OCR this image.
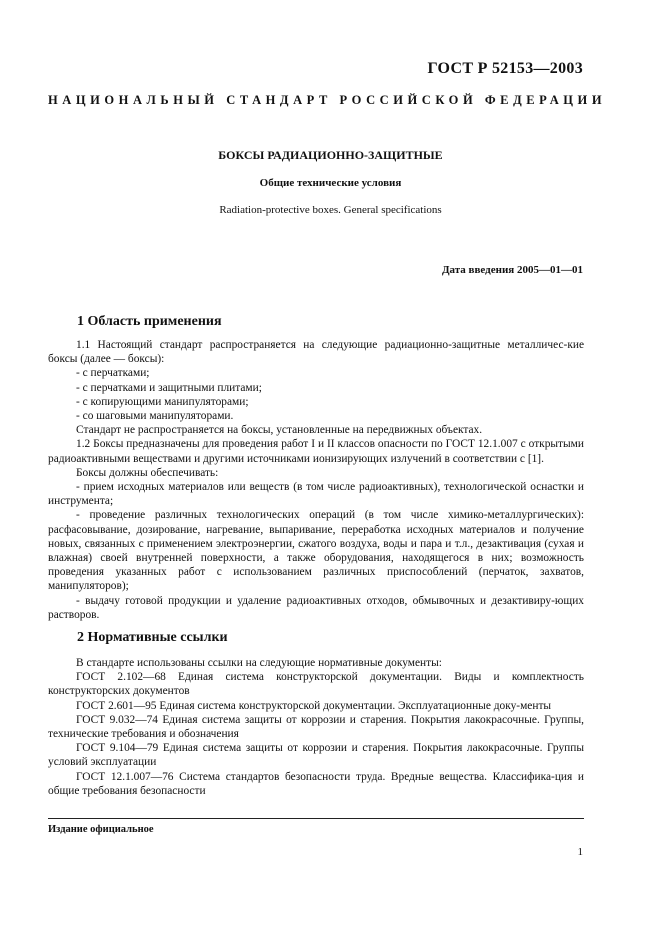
ГОСТ Р 52153—2003
НАЦИОНАЛЬНЫЙ СТАНДАРТ РОССИЙСКОЙ ФЕДЕРАЦИИ
БОКСЫ РАДИАЦИОННО-ЗАЩИТНЫЕ
Общие технические условия
Radiation-protective boxes. General specifications
Дата введения 2005—01—01
1 Область применения

1.1 Настоящий стандарт распространяется на следующие радиационно-защитные металличес-кие боксы (далее — боксы):

- с перчатками;

- с перчатками и защитными плитами;

- с копирующими манипуляторами;

- со шаговыми манипуляторами.

Стандарт не распространяется на боксы, установленные на передвижных объектах.

1.2 Боксы предназначены для проведения работ I и II классов опасности по ГОСТ 12.1.007 с открытыми радиоактивными веществами и другими источниками ионизирующих излучений в соответствии с [1].

Боксы должны обеспечивать:

- прием исходных материалов или веществ (в том числе радиоактивных), технологической оснастки и инструмента;

- проведение различных технологических операций (в том числе химико-металлургических): расфасовывание, дозирование, нагревание, выпаривание, переработка исходных материалов и получение новых, связанных с применением электроэнергии, сжатого воздуха, воды и пара и т.л., дезактивация (сухая и влажная) своей внутренней поверхности, а также оборудования, находящегося в них; возможность проведения указанных работ с использованием различных приспособлений (перчаток, захватов, манипуляторов);

- выдачу готовой продукции и удаление радиоактивных отходов, обмывочных и дезактивиру-ющих растворов.

2 Нормативные ссылки

В стандарте использованы ссылки на следующие нормативные документы:

ГОСТ 2.102—68 Единая система конструкторской документации. Виды и комплектность конструкторских документов

ГОСТ 2.601—95 Единая система конструкторской документации. Эксплуатационные доку-менты

ГОСТ 9.032—74 Единая система защиты от коррозии и старения. Покрытия лакокрасочные. Группы, технические требования и обозначения

ГОСТ 9.104—79 Единая система защиты от коррозии и старения. Покрытия лакокрасочные. Группы условий эксплуатации

ГОСТ 12.1.007—76 Система стандартов безопасности труда. Вредные вещества. Классифика-ция и общие требования безопасности

Издание официальное
1
